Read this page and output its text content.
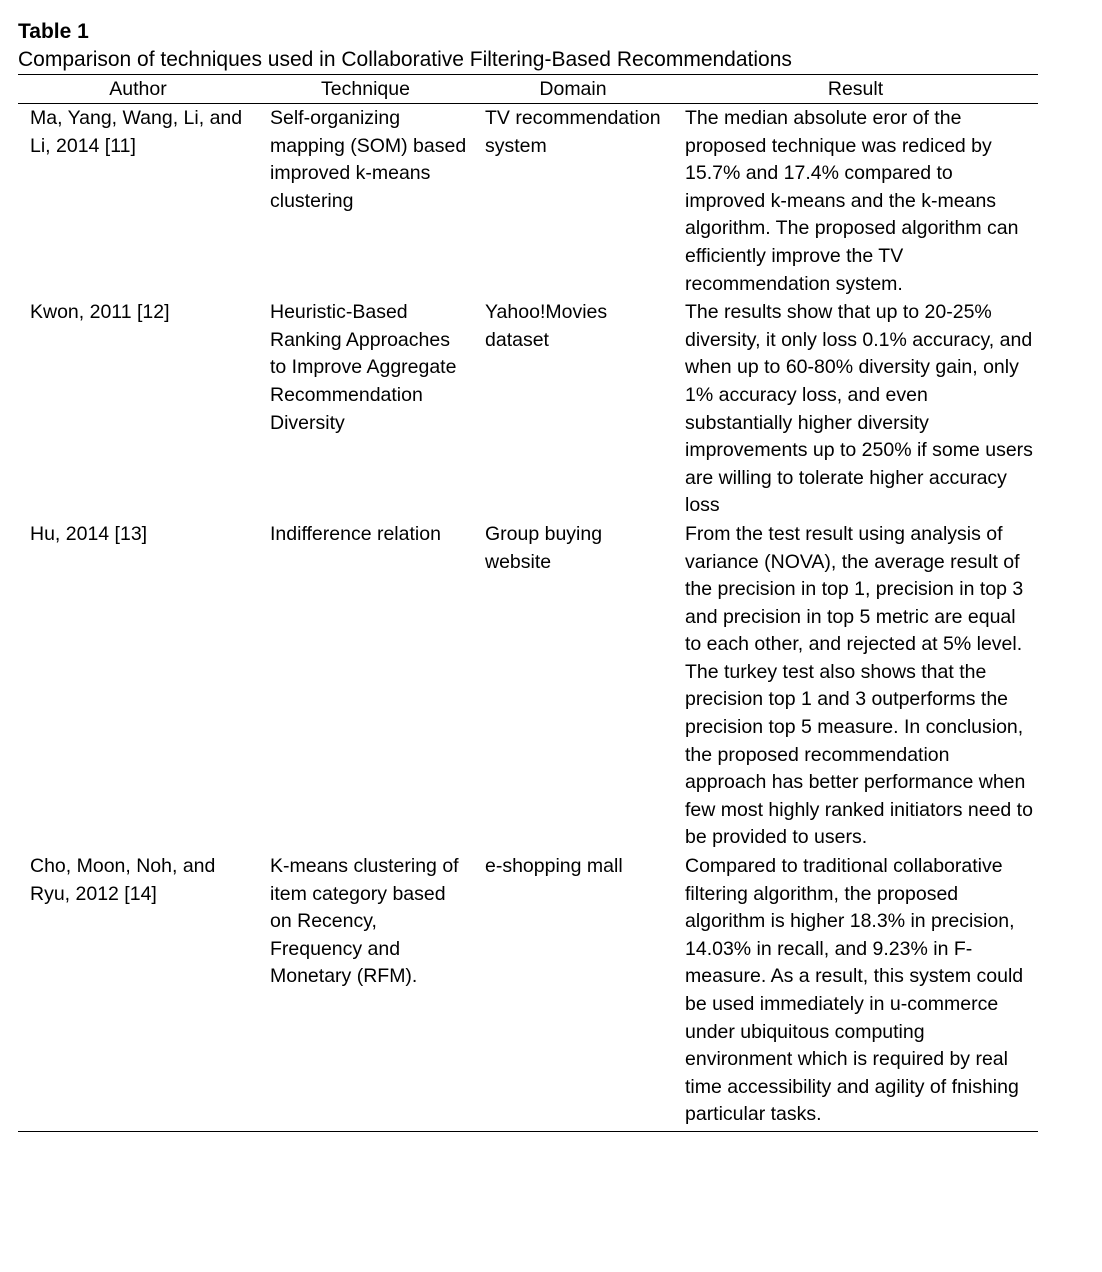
Table 1

Comparison of techniques used in Collaborative Filtering-Based Recommendations

Author	Technique	Domain	Result
Ma, Yang, Wang, Li, and Li, 2014 [11]	Self-organizing mapping (SOM) based improved k-means clustering	TV recommendation system	The median absolute eror of the proposed technique was rediced by 15.7% and 17.4% compared to improved k-means and the k-means algorithm. The proposed algorithm can efficiently improve the TV recommendation system.
Kwon, 2011 [12]	Heuristic-Based Ranking Approaches to Improve Aggregate Recommendation Diversity	Yahoo!Movies dataset	The results show that up to 20-25% diversity, it only loss 0.1% accuracy, and when up to 60-80% diversity gain, only 1% accuracy loss, and even substantially higher diversity improvements up to 250% if some users are willing to tolerate higher accuracy loss
Hu, 2014 [13]	Indifference relation	Group buying website	From the test result using analysis of variance (NOVA), the average result of the precision in top 1, precision in top 3 and precision in top 5 metric are equal to each other, and rejected at 5% level. The turkey test also shows that the precision top 1 and 3 outperforms the precision top 5 measure. In conclusion, the proposed recommendation approach has better performance when few most highly ranked initiators need to be provided to users.
Cho, Moon, Noh, and Ryu, 2012 [14]	K-means clustering of item category based on Recency, Frequency and Monetary (RFM).	e-shopping mall	Compared to traditional collaborative filtering algorithm, the proposed algorithm is higher 18.3% in precision, 14.03% in recall, and 9.23% in F-measure. As a result, this system could be used immediately in u-commerce under ubiquitous computing environment which is required by real time accessibility and agility of fnishing particular tasks.
